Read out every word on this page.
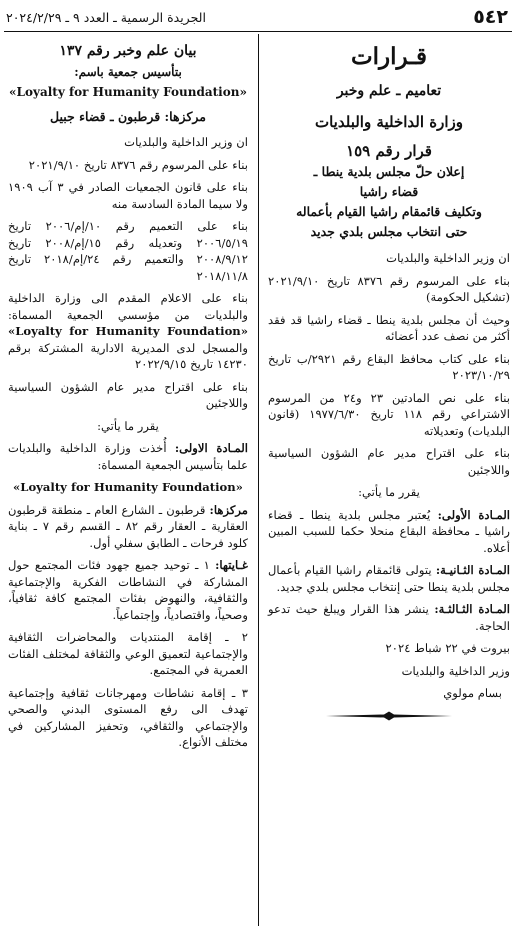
٥٤٢
الجريدة الرسمية ـ العدد ٩ ـ ٢٠٢٤/٢/٢٩
قـرارات
تعاميم ـ علم وخبر
وزارة الداخلية والبلديات
قرار رقم ١٥٩
إعلان حلّ مجلس بلدية ينطا ـ
قضاء راشيا
وتكليف قائمقام راشيا القيام بأعماله
حتى انتخاب مجلس بلدي جديد

ان وزير الداخلية والبلديات

بناء على المرسوم رقم ٨٣٧٦ تاريخ ٢٠٢١/٩/١٠ (تشكيل الحكومة)

وحيث أن مجلس بلدية ينطا ـ قضاء راشيا قد فقد أكثر من نصف عدد أعضائه

بناء على كتاب محافظ البقاع رقم ٢٩٢١/ب تاريخ ٢٠٢٣/١٠/٢٩

بناء على نص المادتين ٢٣ و٢٤ من المرسوم الاشتراعي رقم ١١٨ تاريخ ١٩٧٧/٦/٣٠ (قانون البلديات) وتعديلاته

بناء على اقتراح مدير عام الشؤون السياسية واللاجئين

يقرر ما يأتي:

المـادة الأولى: يُعتبر مجلس بلدية ينطا ـ قضاء راشيا ـ محافظة البقاع منحلا حكما للسبب المبين أعلاه.

المـادة الثـانيـة: يتولى قائمقام راشيا القيام بأعمال مجلس بلدية ينطا حتى إنتخاب مجلس بلدي جديد.

المـادة الثـالثـة: ينشر هذا القرار ويبلغ حيث تدعو الحاجة.

بيروت في ٢٢ شباط ٢٠٢٤

وزير الداخلية والبلديات

بسام مولوي

بيان علم وخبر رقم ١٣٧
بتأسيس جمعية باسم:
«Loyalty for Humanity Foundation»
مركزها: قرطبون ـ قضاء جبيل

ان وزير الداخلية والبلديات

بناء على المرسوم رقم ٨٣٧٦ تاريخ ٢٠٢١/٩/١٠

بناء على قانون الجمعيات الصادر في ٣ آب ١٩٠٩ ولا سيما المادة السادسة منه

بناء على التعميم رقم ١٠/إم/٢٠٠٦ تاريخ ٢٠٠٦/٥/١٩ وتعديله رقم ١٥/إم/٢٠٠٨ تاريخ ٢٠٠٨/٩/١٢ والتعميم رقم ٢٤/إم/٢٠١٨ تاريخ ٢٠١٨/١١/٨

بناء على الاعلام المقدم الى وزارة الداخلية والبلديات من مؤسسي الجمعية المسماة: «Loyalty for Humanity Foundation» والمسجل لدى المديرية الادارية المشتركة برقم ١٤٢٣٠ تاريخ ٢٠٢٢/٩/١٥

بناء على اقتراح مدير عام الشؤون السياسية واللاجئين

يقرر ما يأتي:

المـادة الاولى: أُخذت وزارة الداخلية والبلديات علما بتأسيس الجمعية المسماة:

«Loyalty for Humanity Foundation»

مركزها: قرطبون ـ الشارع العام ـ منطقة قرطبون العقارية ـ العقار رقم ٨٢ ـ القسم رقم ٧ ـ بناية كلود فرحات ـ الطابق سفلي أول.

غـايتها: ١ ـ توحيد جميع جهود فئات المجتمع حول المشاركة في النشاطات الفكرية والإجتماعية والثقافية، والنهوض بفئات المجتمع كافة ثقافياً، وصحياً، واقتصادياً، وإجتماعياً.

٢ ـ إقامة المنتديات والمحاضرات الثقافية والإجتماعية لتعميق الوعي والثقافة لمختلف الفئات العمرية في المجتمع.

٣ ـ إقامة نشاطات ومهرجانات ثقافية وإجتماعية تهدف الى رفع المستوى البدني والصحي والإجتماعي والثقافي، وتحفيز المشاركين في مختلف الأنواع.
